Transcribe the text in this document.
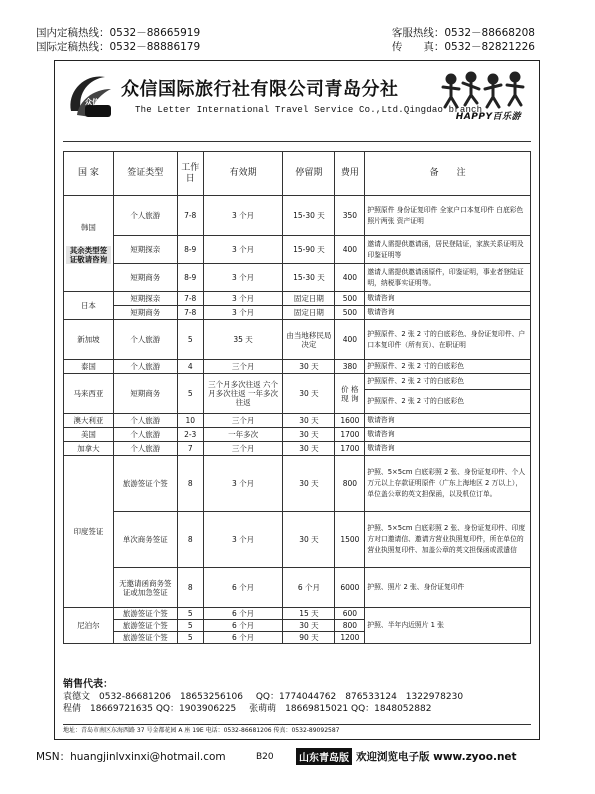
国内定稿热线：0532－88665919	客服热线：0532－88668208
国际定稿热线：0532－88886179	传　　真：0532－82821226
众信
众信国际旅行社有限公司青岛分社
The Letter International Travel Service Co.,Ltd.Qingdao branch
HAPPY百乐游
国 家	签证类型	工作日	有效期	停留期	费用	备　　注

韩国
其余类型签证敬请咨询	个人旅游	7-8	3 个月	15-30 天	350	护照原件 身份证复印件 全家户口本复印件 白底彩色照片两张 资产证明
	短期探亲	8-9	3 个月	15-90 天	400	邀请人需提供邀请函，居民登陆证，家族关系证明及印鉴证明等
	短期商务	8-9	3 个月	15-30 天	400	邀请人需提供邀请函原件，印鉴证明，事业者登陆证明，纳税事实证明等。
日本	短期探亲	7-8	3 个月	固定日期	500	敬请咨询
	短期商务	7-8	3 个月	固定日期	500	敬请咨询
新加坡	个人旅游	5	35 天	由当地移民局决定	400	护照原件、2 张 2 寸的白底彩色、身份证复印件、户口本复印件（所有页）、在职证明
泰国	个人旅游	4	三个月	30 天	380	护照原件、2 张 2 寸的白底彩色
马来西亚	短期商务	5	三个月多次往返 六个月多次往返 一年多次往返	30 天	价 格 现 询	护照原件、2 张 2 寸的白底彩色
						护照原件、2 张 2 寸的白底彩色
澳大利亚	个人旅游	10	三个月	30 天	1600	敬请咨询
美国	个人旅游	2-3	一年多次	30 天	1700	敬请咨询
加拿大	个人旅游	7	三个月	30 天	1700	敬请咨询
印度签证	旅游签证个签	8	3 个月	30 天	800	护照、5×5cm 白底彩照 2 张、身份证复印件、个人万元以上存款证明原件（广东上海地区 2 万以上），单位盖公章的英文担保函，以及机位订单。
	单次商务签证	8	3 个月	30 天	1500	护照、5×5cm 白底彩照 2 张、身份证复印件、印度方对口邀请信、邀请方营业执照复印件，所在单位的营业执照复印件、加盖公章的英文担保函或派遣信
	无邀请函商务签证或加急签证	8	6 个月	6 个月	6000	护照、照片 2 张、身份证复印件
尼泊尔	旅游签证个签	5	6 个月	15 天	600	护照、半年内近照片 1 张
	旅游签证个签	5	6 个月	30 天	800	
	旅游签证个签	5	6 个月	90 天	1200	
销售代表：
袁德文　0532-86681206　18653256106 QQ：1774044762　876533124　1322978230
程倩　18669721635 QQ：1903906225 张萌萌　18669815021 QQ：1848052882
地址：青岛市南区东海西路 37 号金都花园 A 座 19E 电话：0532-86681206 传真：0532-89092587
MSN：huangjinlvxinxi@hotmail.com	B20	山东青岛版 欢迎浏览电子版 www.zyoo.net
